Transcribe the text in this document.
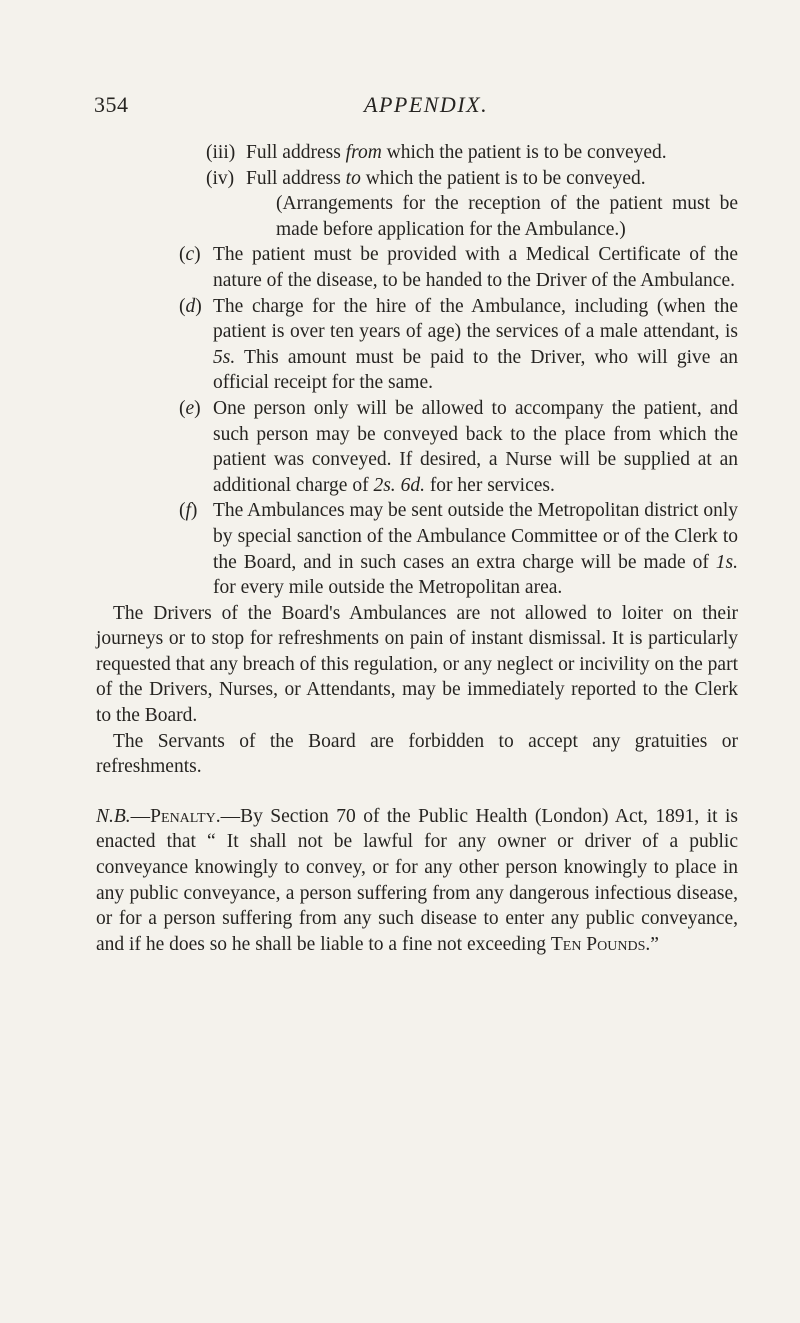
354	APPENDIX.
(iii) Full address from which the patient is to be conveyed.
(iv) Full address to which the patient is to be conveyed.
(Arrangements for the reception of the patient must be made before application for the Ambulance.)
(c) The patient must be provided with a Medical Certificate of the nature of the disease, to be handed to the Driver of the Ambulance.
(d) The charge for the hire of the Ambulance, including (when the patient is over ten years of age) the services of a male attendant, is 5s. This amount must be paid to the Driver, who will give an official receipt for the same.
(e) One person only will be allowed to accompany the patient, and such person may be conveyed back to the place from which the patient was conveyed. If desired, a Nurse will be supplied at an additional charge of 2s. 6d. for her services.
(f) The Ambulances may be sent outside the Metropolitan district only by special sanction of the Ambulance Committee or of the Clerk to the Board, and in such cases an extra charge will be made of 1s. for every mile outside the Metropolitan area.

The Drivers of the Board's Ambulances are not allowed to loiter on their journeys or to stop for refreshments on pain of instant dismissal. It is particularly requested that any breach of this regulation, or any neglect or incivility on the part of the Drivers, Nurses, or Attendants, may be immediately reported to the Clerk to the Board.

The Servants of the Board are forbidden to accept any gratuities or refreshments.

N.B.—Penalty.—By Section 70 of the Public Health (London) Act, 1891, it is enacted that “ It shall not be lawful for any owner or driver of a public conveyance knowingly to convey, or for any other person knowingly to place in any public conveyance, a person suffering from any dangerous infectious disease, or for a person suffering from any such disease to enter any public conveyance, and if he does so he shall be liable to a fine not exceeding Ten Pounds.”
